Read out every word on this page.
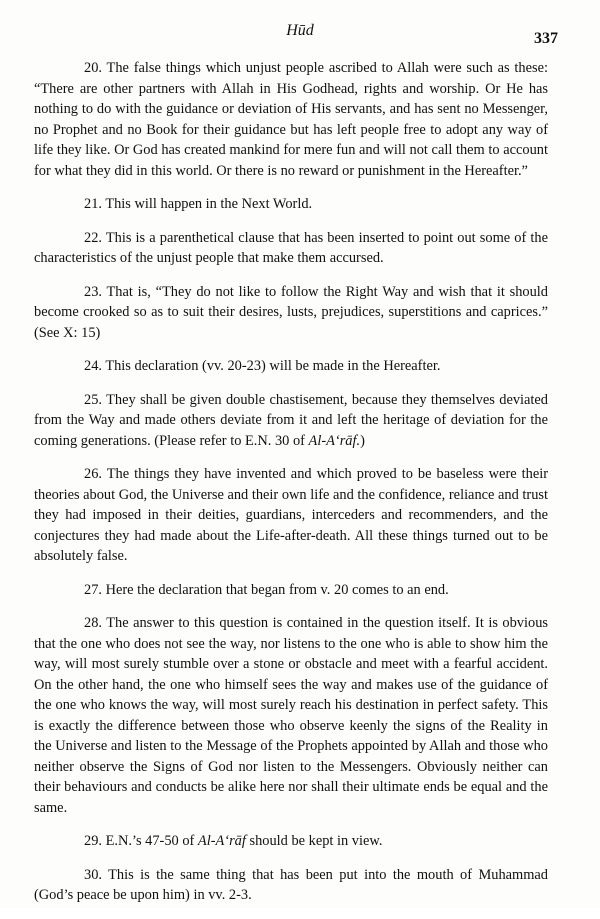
Hūd	337

20. The false things which unjust people ascribed to Allah were such as these: “There are other partners with Allah in His Godhead, rights and worship. Or He has nothing to do with the guidance or deviation of His servants, and has sent no Messenger, no Prophet and no Book for their guidance but has left people free to adopt any way of life they like. Or God has created mankind for mere fun and will not call them to account for what they did in this world. Or there is no reward or punishment in the Hereafter.”

21. This will happen in the Next World.

22. This is a parenthetical clause that has been inserted to point out some of the characteristics of the unjust people that make them accursed.

23. That is, “They do not like to follow the Right Way and wish that it should become crooked so as to suit their desires, lusts, prejudices, superstitions and caprices.” (See X: 15)

24. This declaration (vv. 20-23) will be made in the Hereafter.

25. They shall be given double chastisement, because they themselves deviated from the Way and made others deviate from it and left the heritage of deviation for the coming generations. (Please refer to E.N. 30 of Al-A‘rāf.)

26. The things they have invented and which proved to be baseless were their theories about God, the Universe and their own life and the confidence, reliance and trust they had imposed in their deities, guardians, interceders and recommenders, and the conjectures they had made about the Life-after-death. All these things turned out to be absolutely false.

27. Here the declaration that began from v. 20 comes to an end.

28. The answer to this question is contained in the question itself. It is obvious that the one who does not see the way, nor listens to the one who is able to show him the way, will most surely stumble over a stone or obstacle and meet with a fearful accident. On the other hand, the one who himself sees the way and makes use of the guidance of the one who knows the way, will most surely reach his destination in perfect safety. This is exactly the difference between those who observe keenly the signs of the Reality in the Universe and listen to the Message of the Prophets appointed by Allah and those who neither observe the Signs of God nor listen to the Messengers. Obviously neither can their behaviours and conducts be alike here nor shall their ultimate ends be equal and the same.

29. E.N.’s 47-50 of Al-A‘rāf should be kept in view.

30. This is the same thing that has been put into the mouth of Muhammad (God’s peace be upon him) in vv. 2-3.
